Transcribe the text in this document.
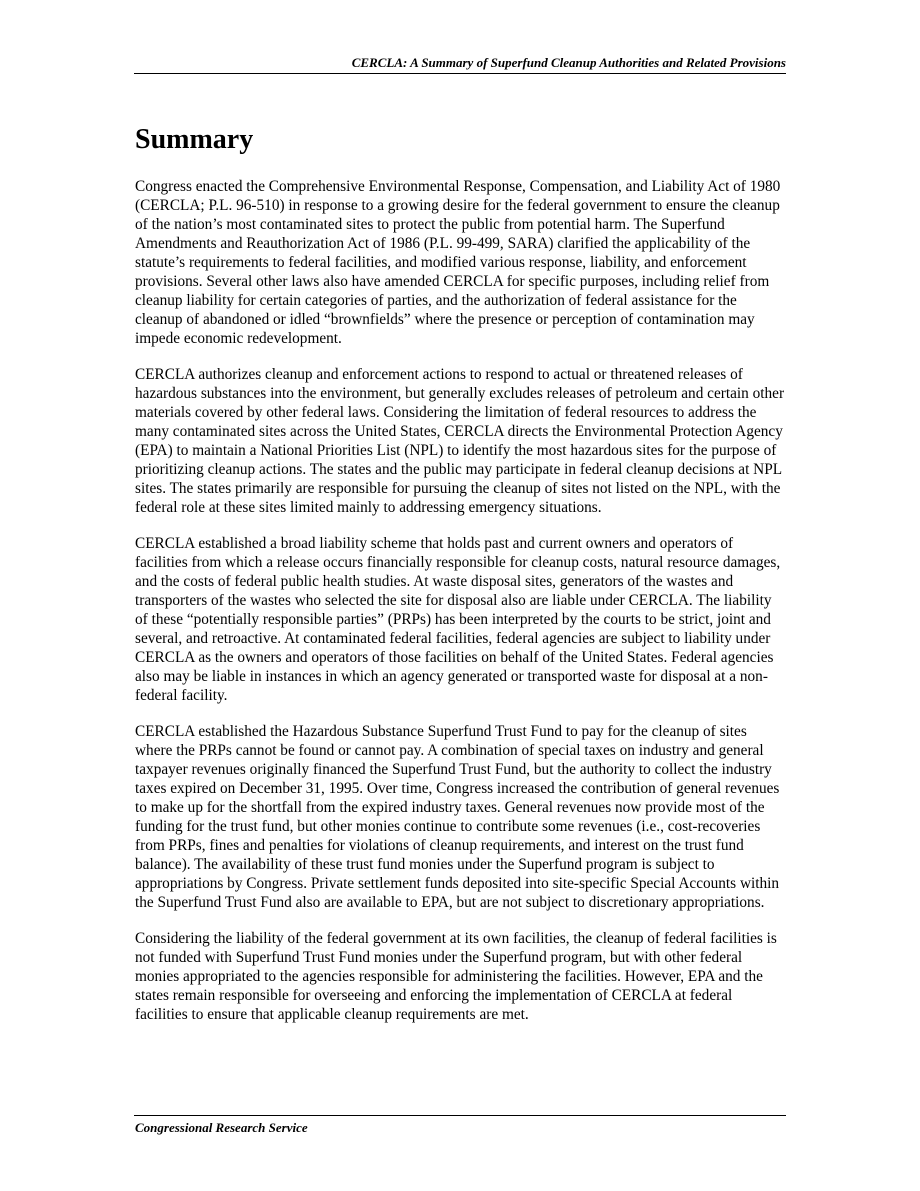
CERCLA: A Summary of Superfund Cleanup Authorities and Related Provisions
Summary

Congress enacted the Comprehensive Environmental Response, Compensation, and Liability Act of 1980 (CERCLA; P.L. 96-510) in response to a growing desire for the federal government to ensure the cleanup of the nation’s most contaminated sites to protect the public from potential harm. The Superfund Amendments and Reauthorization Act of 1986 (P.L. 99-499, SARA) clarified the applicability of the statute’s requirements to federal facilities, and modified various response, liability, and enforcement provisions. Several other laws also have amended CERCLA for specific purposes, including relief from cleanup liability for certain categories of parties, and the authorization of federal assistance for the cleanup of abandoned or idled “brownfields” where the presence or perception of contamination may impede economic redevelopment.

CERCLA authorizes cleanup and enforcement actions to respond to actual or threatened releases of hazardous substances into the environment, but generally excludes releases of petroleum and certain other materials covered by other federal laws. Considering the limitation of federal resources to address the many contaminated sites across the United States, CERCLA directs the Environmental Protection Agency (EPA) to maintain a National Priorities List (NPL) to identify the most hazardous sites for the purpose of prioritizing cleanup actions. The states and the public may participate in federal cleanup decisions at NPL sites. The states primarily are responsible for pursuing the cleanup of sites not listed on the NPL, with the federal role at these sites limited mainly to addressing emergency situations.

CERCLA established a broad liability scheme that holds past and current owners and operators of facilities from which a release occurs financially responsible for cleanup costs, natural resource damages, and the costs of federal public health studies. At waste disposal sites, generators of the wastes and transporters of the wastes who selected the site for disposal also are liable under CERCLA. The liability of these “potentially responsible parties” (PRPs) has been interpreted by the courts to be strict, joint and several, and retroactive. At contaminated federal facilities, federal agencies are subject to liability under CERCLA as the owners and operators of those facilities on behalf of the United States. Federal agencies also may be liable in instances in which an agency generated or transported waste for disposal at a non-federal facility.

CERCLA established the Hazardous Substance Superfund Trust Fund to pay for the cleanup of sites where the PRPs cannot be found or cannot pay. A combination of special taxes on industry and general taxpayer revenues originally financed the Superfund Trust Fund, but the authority to collect the industry taxes expired on December 31, 1995. Over time, Congress increased the contribution of general revenues to make up for the shortfall from the expired industry taxes. General revenues now provide most of the funding for the trust fund, but other monies continue to contribute some revenues (i.e., cost-recoveries from PRPs, fines and penalties for violations of cleanup requirements, and interest on the trust fund balance). The availability of these trust fund monies under the Superfund program is subject to appropriations by Congress. Private settlement funds deposited into site-specific Special Accounts within the Superfund Trust Fund also are available to EPA, but are not subject to discretionary appropriations.

Considering the liability of the federal government at its own facilities, the cleanup of federal facilities is not funded with Superfund Trust Fund monies under the Superfund program, but with other federal monies appropriated to the agencies responsible for administering the facilities. However, EPA and the states remain responsible for overseeing and enforcing the implementation of CERCLA at federal facilities to ensure that applicable cleanup requirements are met.

Congressional Research Service
